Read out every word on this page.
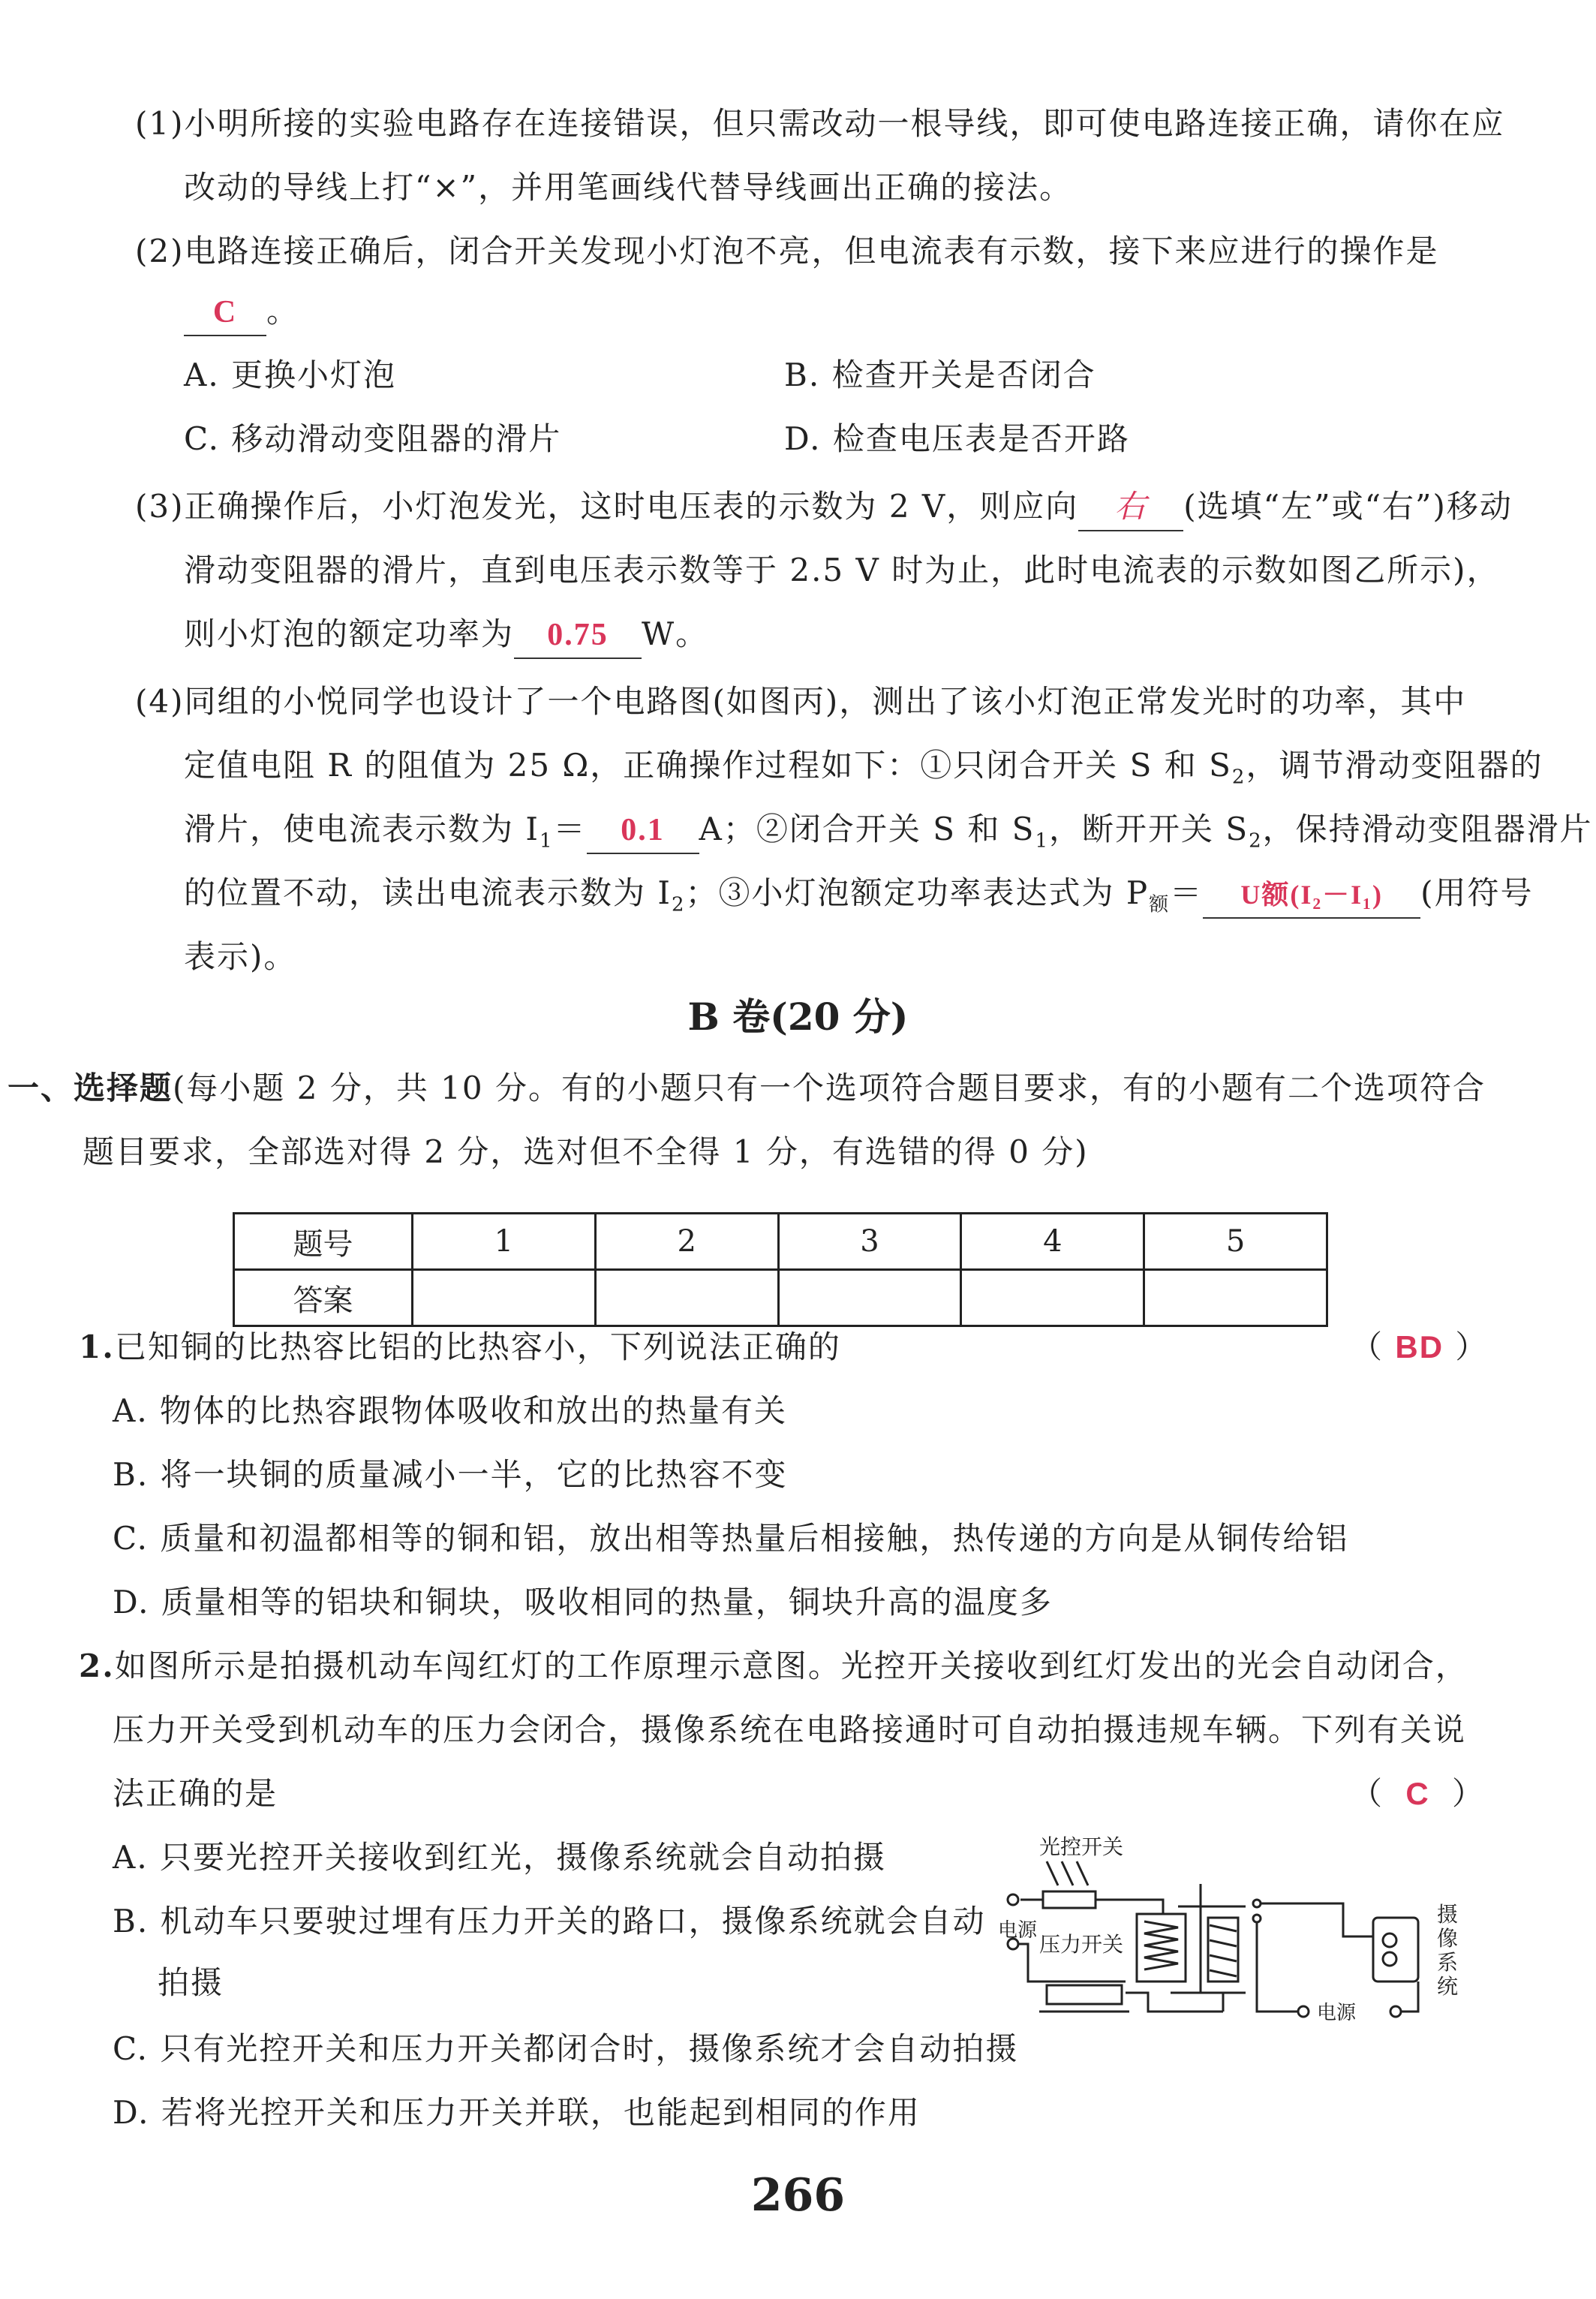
(1)小明所接的实验电路存在连接错误，但只需改动一根导线，即可使电路连接正确，请你在应
改动的导线上打“×”，并用笔画线代替导线画出正确的接法。
(2)电路连接正确后，闭合开关发现小灯泡不亮，但电流表有示数，接下来应进行的操作是
C 。
A. 更换小灯泡	B. 检查开关是否闭合
C. 移动滑动变阻器的滑片	D. 检查电压表是否开路
(3)正确操作后，小灯泡发光，这时电压表的示数为 2 V，则应向 右 (选填“左”或“右”)移动
滑动变阻器的滑片，直到电压表示数等于 2.5 V 时为止，此时电流表的示数如图乙所示)，
则小灯泡的额定功率为 0.75 W。
(4)同组的小悦同学也设计了一个电路图(如图丙)，测出了该小灯泡正常发光时的功率，其中
定值电阻 R 的阻值为 25 Ω，正确操作过程如下：①只闭合开关 S 和 $S_2$，调节滑动变阻器的
滑片，使电流表示数为 $I_1= 0.1$ A；②闭合开关 S 和 $S_1$，断开开关 $S_2$，保持滑动变阻器滑片
的位置不动，读出电流表示数为 $I_2$；③小灯泡额定功率表达式为 $P_额= U$额(I₂－I₁) (用符号
表示)。
B 卷(20 分)
一、选择题(每小题 2 分，共 10 分。有的小题只有一个选项符合题目要求，有的小题有二个选项符合
题目要求，全部选对得 2 分，选对但不全得 1 分，有选错的得 0 分)
题号	1	2	3	4	5
答案					
1.已知铜的比热容比铝的比热容小，下列说法正确的	（ BD ）
A. 物体的比热容跟物体吸收和放出的热量有关
B. 将一块铜的质量减小一半，它的比热容不变
C. 质量和初温都相等的铜和铝，放出相等热量后相接触，热传递的方向是从铜传给铝
D. 质量相等的铝块和铜块，吸收相同的热量，铜块升高的温度多
2.如图所示是拍摄机动车闯红灯的工作原理示意图。光控开关接收到红灯发出的光会自动闭合，
压力开关受到机动车的压力会闭合，摄像系统在电路接通时可自动拍摄违规车辆。下列有关说
法正确的是	（ C ）
A. 只要光控开关接收到红光，摄像系统就会自动拍摄
B. 机动车只要驶过埋有压力开关的路口，摄像系统就会自动
拍摄
C. 只有光控开关和压力开关都闭合时，摄像系统才会自动拍摄
D. 若将光控开关和压力开关并联，也能起到相同的作用
光控开关
电源
压力开关
电源
摄
像
系
统
266
